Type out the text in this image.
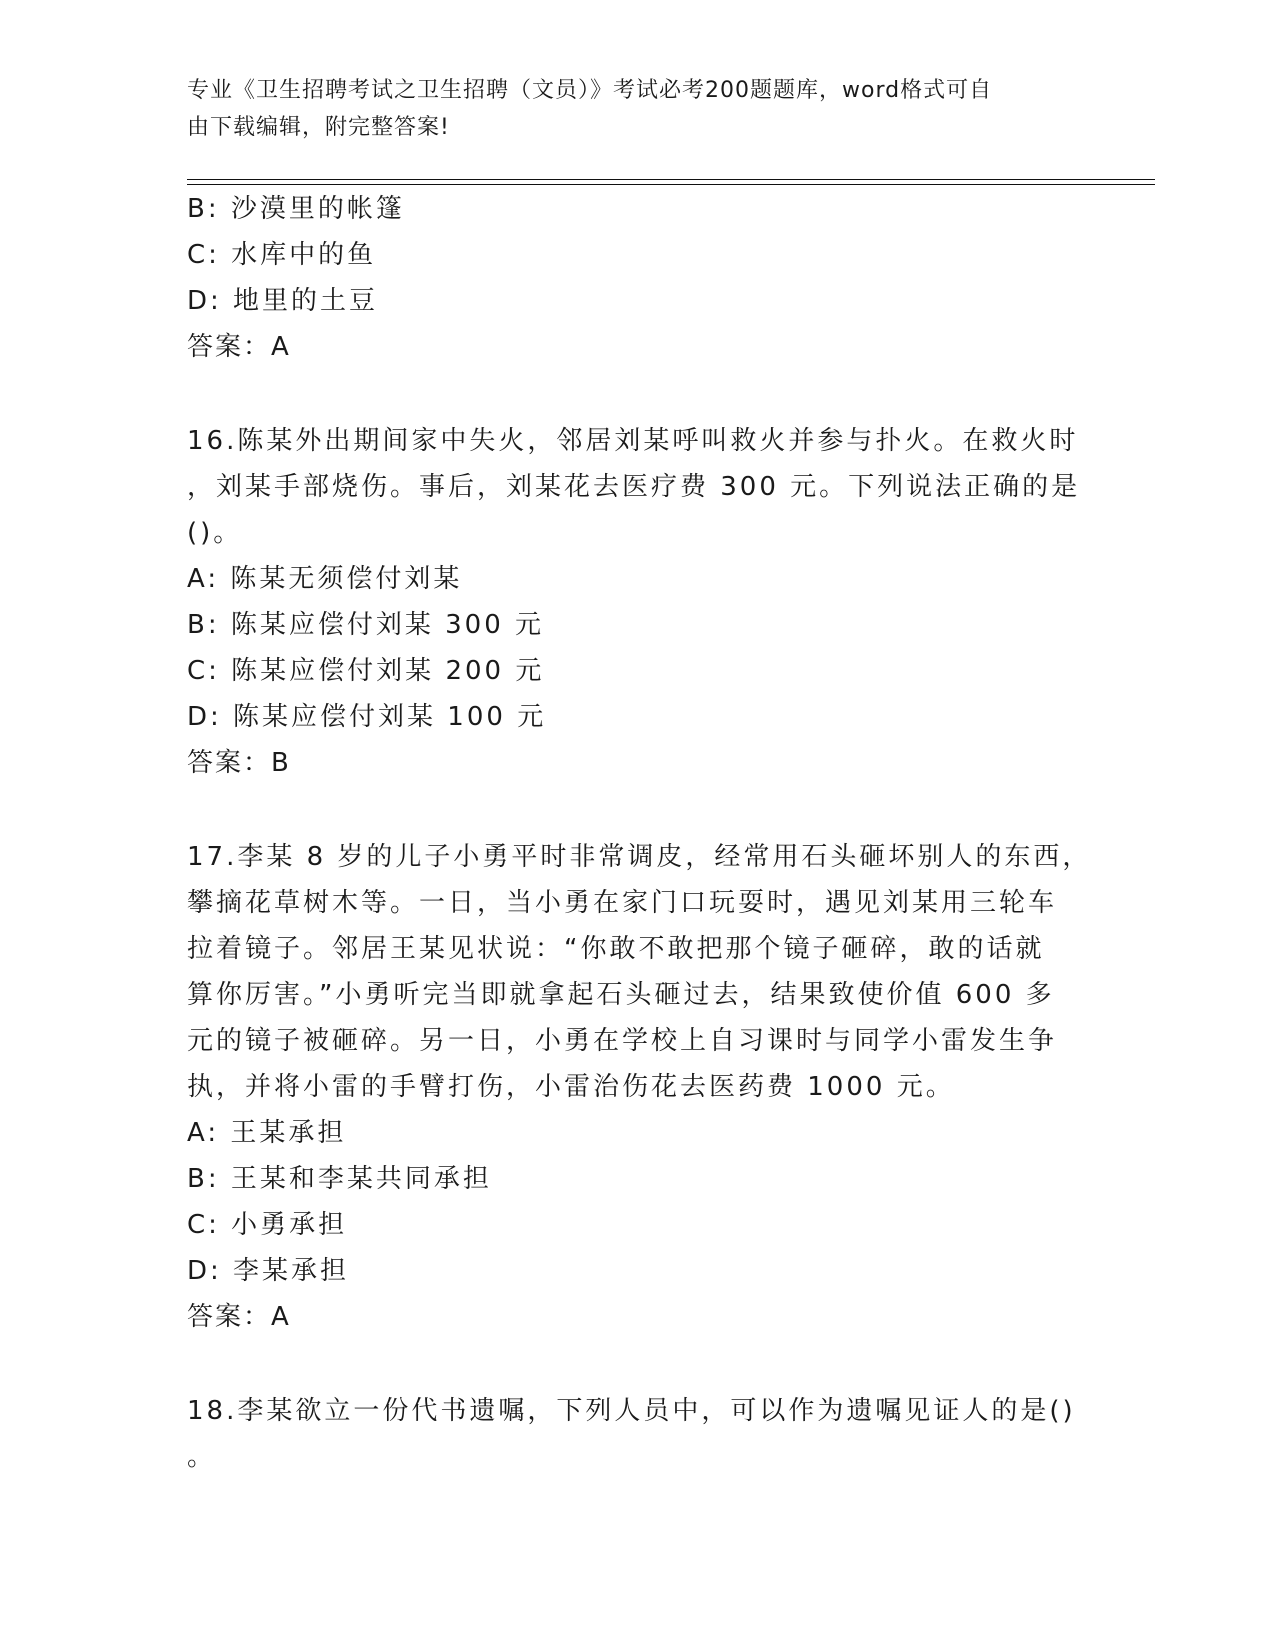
专业《卫生招聘考试之卫生招聘（文员）》考试必考200题题库，word格式可自
由下载编辑，附完整答案!

B: 沙漠里的帐篷

C: 水库中的鱼

D: 地里的土豆

答案：A

16.陈某外出期间家中失火，邻居刘某呼叫救火并参与扑火。在救火时

，刘某手部烧伤。事后，刘某花去医疗费 300 元。下列说法正确的是

()。

A: 陈某无须偿付刘某

B: 陈某应偿付刘某 300 元

C: 陈某应偿付刘某 200 元

D: 陈某应偿付刘某 100 元

答案：B

17.李某 8 岁的儿子小勇平时非常调皮，经常用石头砸坏别人的东西，

攀摘花草树木等。一日，当小勇在家门口玩耍时，遇见刘某用三轮车

拉着镜子。邻居王某见状说：“你敢不敢把那个镜子砸碎，敢的话就

算你厉害。”小勇听完当即就拿起石头砸过去，结果致使价值 600 多

元的镜子被砸碎。另一日，小勇在学校上自习课时与同学小雷发生争

执，并将小雷的手臂打伤，小雷治伤花去医药费 1000 元。

A: 王某承担

B: 王某和李某共同承担

C: 小勇承担

D: 李某承担

答案：A

18.李某欲立一份代书遗嘱，下列人员中，可以作为遗嘱见证人的是()

。
